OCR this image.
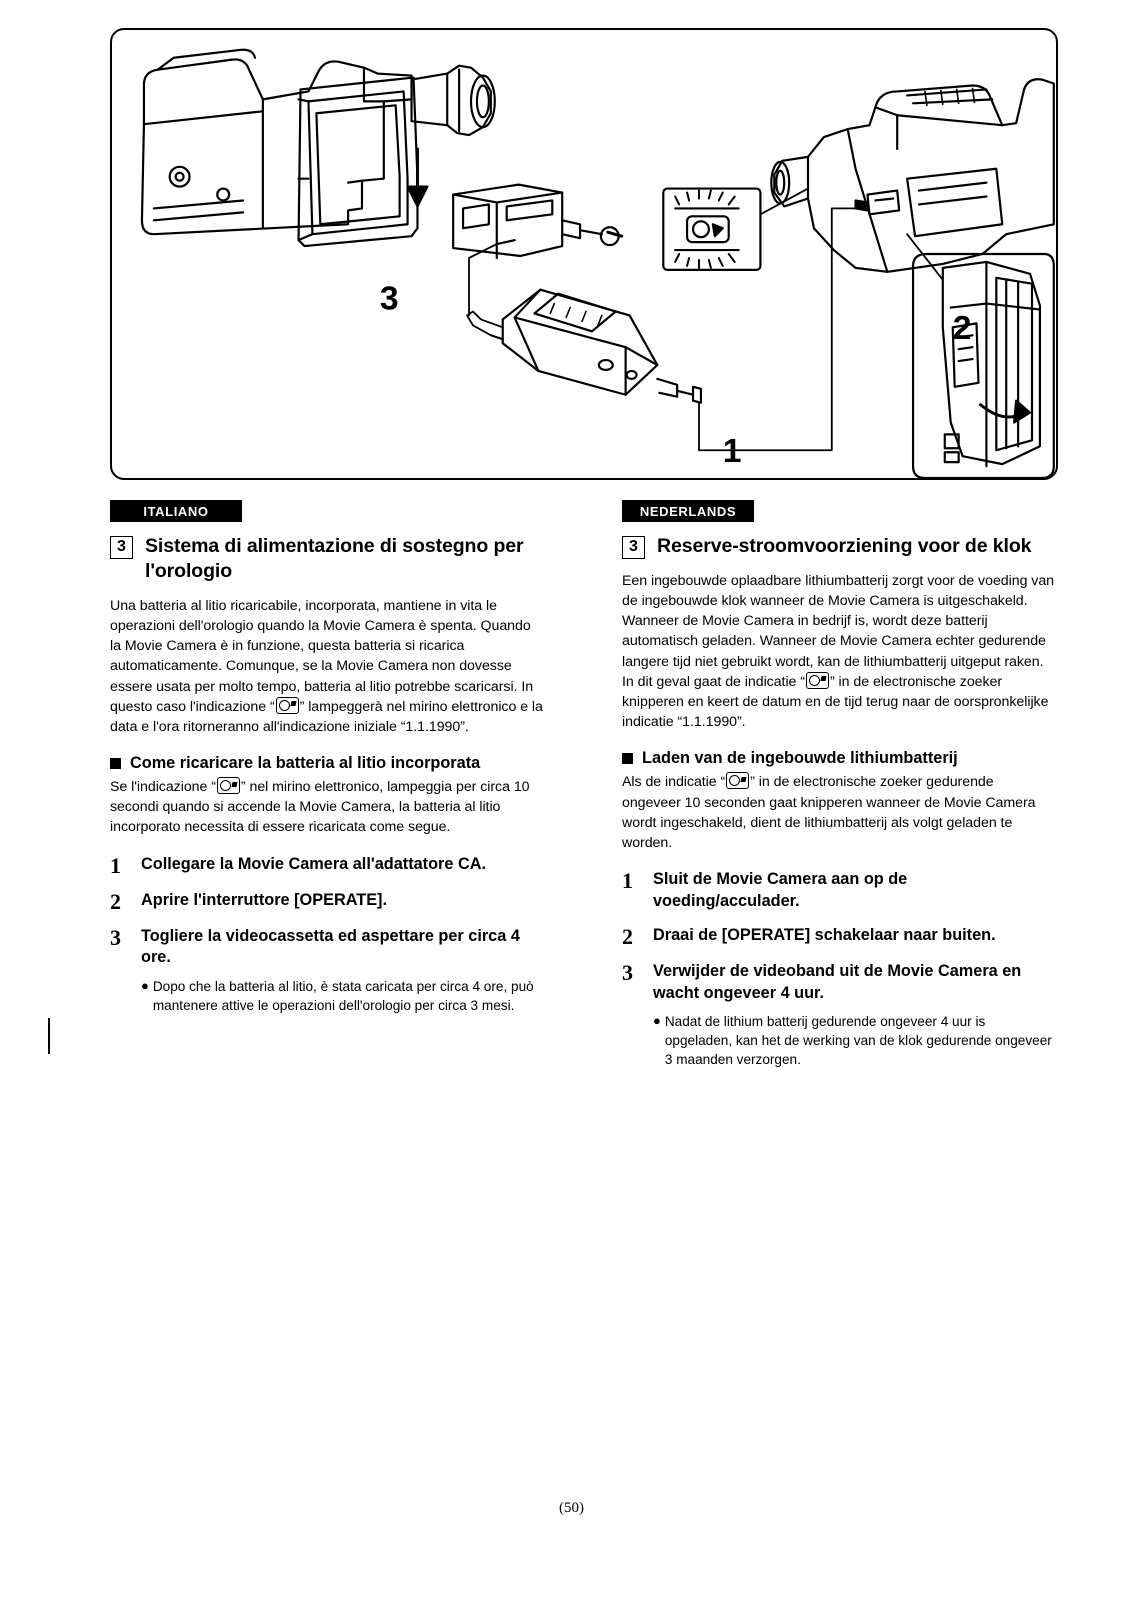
3
2
1
ITALIANO	NEDERLANDS
3 Sistema di alimentazione di sostegno per l'orologio

Una batteria al litio ricaricabile, incorporata, mantiene in vita le operazioni dell'orologio quando la Movie Camera è spenta. Quando la Movie Camera è in funzione, questa batteria si ricarica automaticamente. Comunque, se la Movie Camera non dovesse essere usata per molto tempo, batteria al litio potrebbe scaricarsi. In questo caso l'indicazione “ ” lampeggerà nel mirino elettronico e la data e l'ora ritorneranno all'indicazione iniziale “1.1.1990”.

Come ricaricare la batteria al litio incorporata

Se l'indicazione “ ” nel mirino elettronico, lampeggia per circa 10 secondi quando si accende la Movie Camera, la batteria al litio incorporato necessita di essere ricaricata come segue.

1	Collegare la Movie Camera all'adattatore CA.
2	Aprire l'interruttore [OPERATE].
3	Togliere la videocassetta ed aspettare per circa 4 ore.
● Dopo che la batteria al litio, è stata caricata per circa 4 ore, può mantenere attive le operazioni dell'orologio per circa 3 mesi.
3 Reserve-stroomvoorziening voor de klok

Een ingebouwde oplaadbare lithiumbatterij zorgt voor de voeding van de ingebouwde klok wanneer de Movie Camera is uitgeschakeld. Wanneer de Movie Camera in bedrijf is, wordt deze batterij automatisch geladen. Wanneer de Movie Camera echter gedurende langere tijd niet gebruikt wordt, kan de lithiumbatterij uitgeput raken. In dit geval gaat de indicatie “ ” in de electronische zoeker knipperen en keert de datum en de tijd terug naar de oorspronkelijke indicatie “1.1.1990”.

Laden van de ingebouwde lithiumbatterij

Als de indicatie “ ” in de electronische zoeker gedurende ongeveer 10 seconden gaat knipperen wanneer de Movie Camera wordt ingeschakeld, dient de lithiumbatterij als volgt geladen te worden.

1	Sluit de Movie Camera aan op de voeding/acculader.
2	Draai de [OPERATE] schakelaar naar buiten.
3	Verwijder de videoband uit de Movie Camera en wacht ongeveer 4 uur.
● Nadat de lithium batterij gedurende ongeveer 4 uur is opgeladen, kan het de werking van de klok gedurende ongeveer 3 maanden verzorgen.
(50)
